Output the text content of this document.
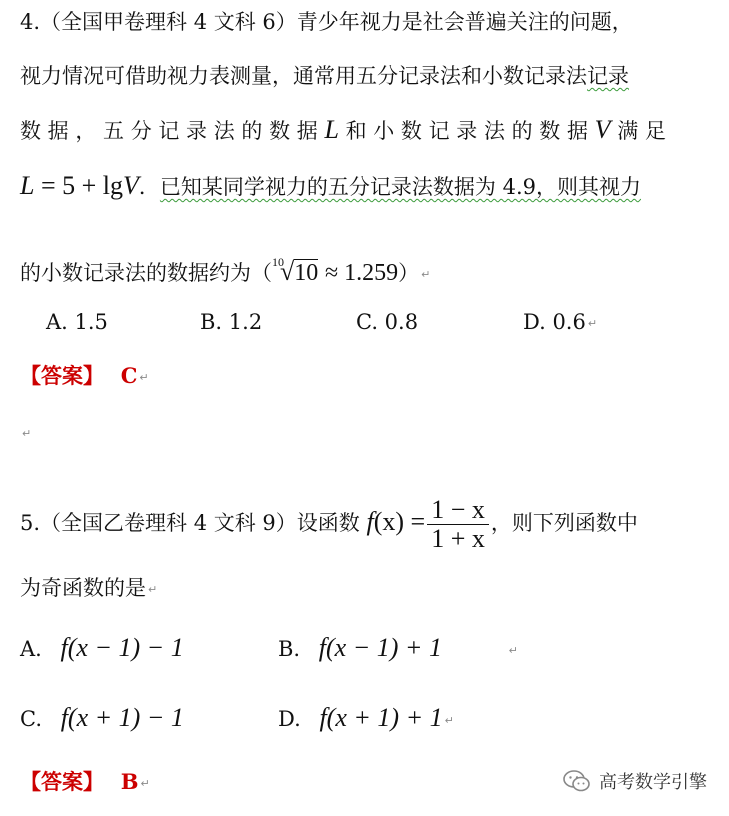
4.（全国甲卷理科 4 文科 6）青少年视力是社会普遍关注的问题，
视力情况可借助视力表测量，通常用五分记录法和小数记录法记录
数 据 ， 五 分 记 录 法 的 数 据 L 和 小 数 记 录 法 的 数 据 V 满 足
L = 5 + lgV．已知某同学视力的五分记录法数据为 4.9，则其视力
的小数记录法的数据约为（$^{10}$√10 ≈ 1.259） ↵
A. 1.5	B. 1.2	C. 0.8	D. 0.6 ↵
【答案】 C ↵
↵
5.（全国乙卷理科 4 文科 9）设函数 $f(x) = \frac{1 - x}{1 + x}$ ，则下列函数中
为奇函数的是 ↵
A. f(x − 1) − 1	B. f(x − 1) + 1	↵
C. f(x + 1) − 1	D. f(x + 1) + 1 ↵
【答案】 B ↵	高考数学引擎
